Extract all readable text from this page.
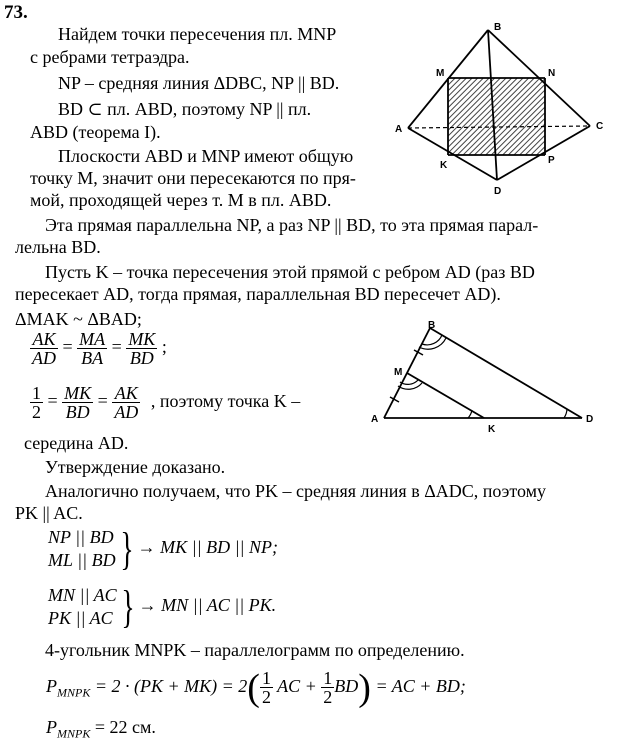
73.
Найдем точки пересечения пл. MNP
с ребрами тетраэдра.
NP – средняя линия ΔDBC, NP || BD.
BD ⊂ пл. ABD, поэтому NP || пл.
ABD (теорема I).
Плоскости ABD и MNP имеют общую
точку M, значит они пересекаются по пря-
мой, проходящей через т. M в пл. ABD.
Эта прямая параллельна NP, а раз NP || BD, то эта прямая парал-
лельна BD.
Пусть K – точка пересечения этой прямой с ребром AD (раз BD
пересекает AD, тогда прямая, параллельная BD пересечет AD).
ΔMAK ~ ΔBAD;
$\frac{AK}{AD} = \frac{MA}{BA} = \frac{MK}{BD}$ ;
$\frac{1}{2} = \frac{MK}{BD} = \frac{AK}{AD}$ , поэтому точка K –
середина AD.
Утверждение доказано.
Аналогично получаем, что PK – средняя линия в ΔADC, поэтому
PK || AC.
NP || BD
ML || BD } → MK || BD || NP;
MN || AC
PK || AC } → MN || AC || PK.
4-угольник MNPK – параллелограмм по определению.
$P_{MNPK} = 2 \cdot (PK + MK) = 2( \frac{1}{2}$ AC + $\frac{1}{2} BD$) = AC + BD;
$P_{MNPK} = 22$ см.
B
A	C
D
M	N
K	P
B
M
A
K
D
